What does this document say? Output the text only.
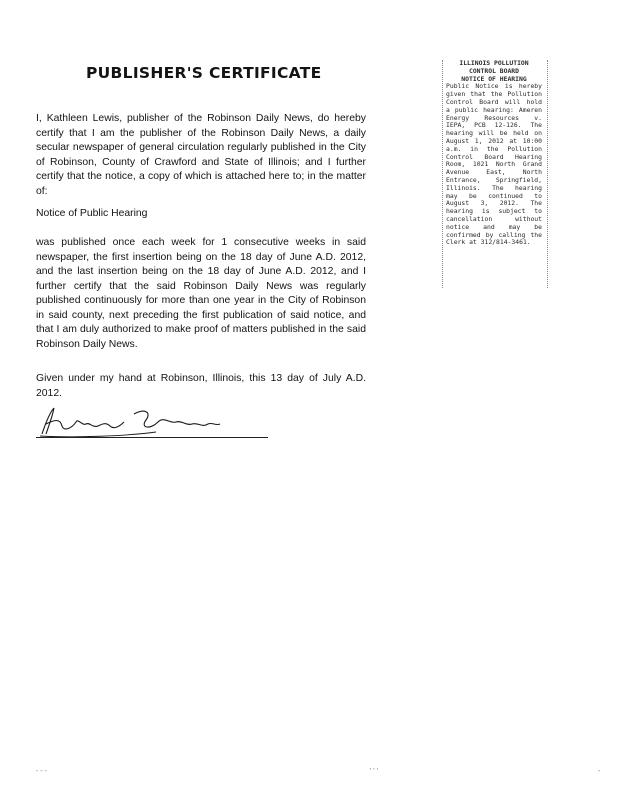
PUBLISHER'S CERTIFICATE

I, Kathleen Lewis, publisher of the Robinson Daily News, do hereby certify that I am the publisher of the Robinson Daily News, a daily secular newspaper of general circulation regularly published in the City of Robinson, County of Crawford and State of Illinois; and I further certify that the notice, a copy of which is attached here to; in the matter of:

Notice of Public Hearing

was published once each week for 1 consecutive weeks in said newspaper, the first insertion being on the 18 day of June A.D. 2012, and the last insertion being on the 18 day of June A.D. 2012, and I further certify that the said Robinson Daily News was regularly published continuously for more than one year in the City of Robinson in said county, next preceding the first publication of said notice, and that I am duly authorized to make proof of matters published in the said Robinson Daily News.

Given under my hand at Robinson, Illinois, this 13 day of July A.D. 2012.

ILLINOIS POLLUTION

CONTROL BOARD

NOTICE OF HEARING

Public Notice is hereby given that the Pollution Control Board will hold a public hearing: Ameren Energy Resources v. IEPA, PCB 12-126. The hearing will be held on August 1, 2012 at 10:00 a.m. in the Pollution Control Board Hearing Room, 1021 North Grand Avenue East, North Entrance, Springfield, Illinois. The hearing may be continued to August 3, 2012. The hearing is subject to cancellation without notice and may be confirmed by calling the Clerk at 312/814-3461.

- - -	' ' '	-
